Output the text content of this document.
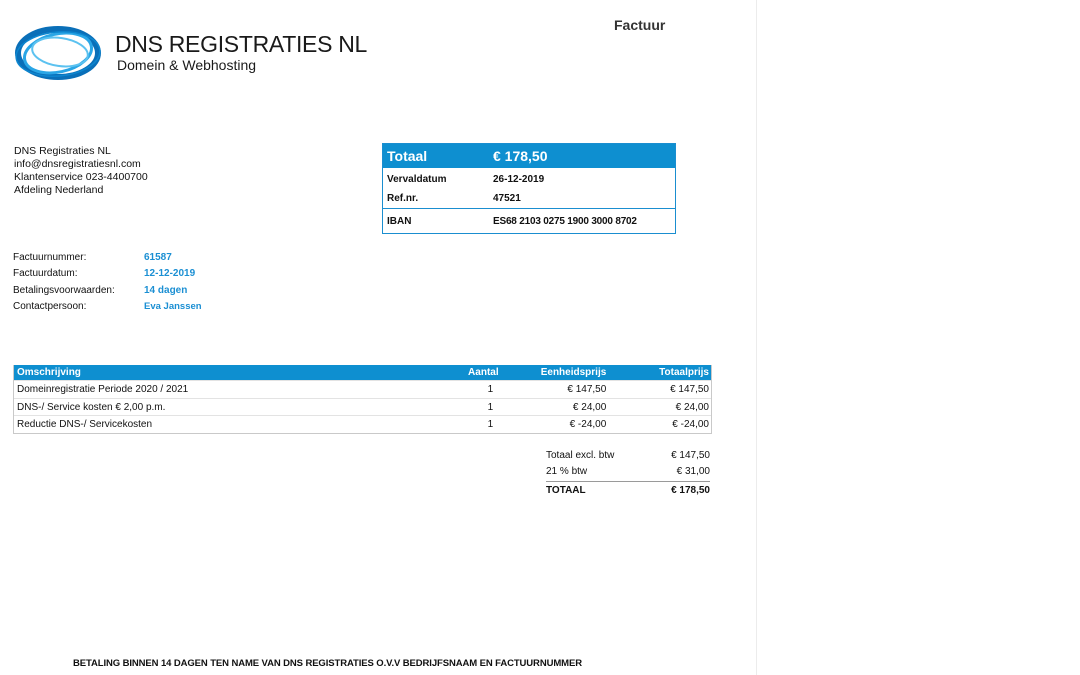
DNS REGISTRATIES NL
Domein & Webhosting
Factuur
DNS Registraties NL
info@dnsregistratiesnl.com
Klantenservice 023-4400700
Afdeling Nederland
Totaal	€ 178,50
Vervaldatum	26-12-2019
Ref.nr.	47521
IBAN	ES68 2103 0275 1900 3000 8702
Factuurnummer:	61587
Factuurdatum:	12-12-2019
Betalingsvoorwaarden:	14 dagen
Contactpersoon:	Eva Janssen
Omschrijving	Aantal	Eenheidsprijs	Totaalprijs
Domeinregistratie Periode 2020 / 2021	1	€ 147,50	€ 147,50
DNS-/ Service kosten € 2,00 p.m.	1	€ 24,00	€ 24,00
Reductie DNS-/ Servicekosten	1	€ -24,00	€ -24,00
Totaal excl. btw	€ 147,50
21 % btw	€ 31,00
TOTAAL	€ 178,50
BETALING BINNEN 14 DAGEN TEN NAME VAN DNS REGISTRATIES O.V.V BEDRIJFSNAAM EN FACTUURNUMMER
